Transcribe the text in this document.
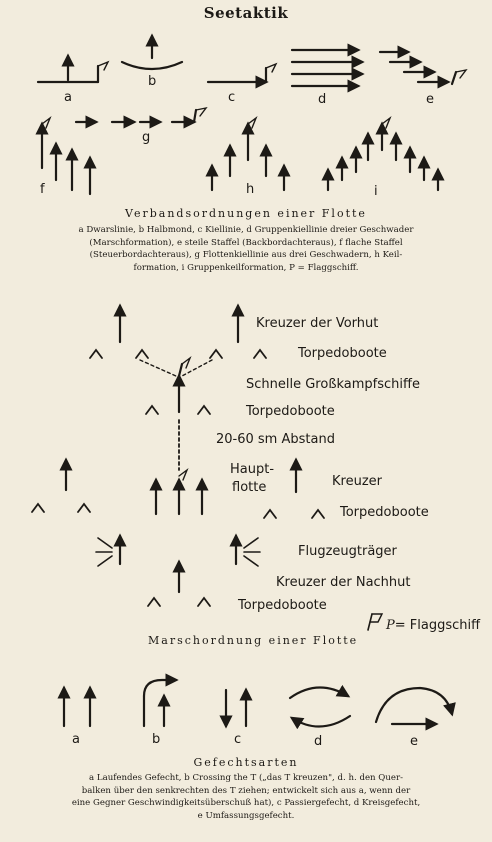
Seetaktik
a
b
c	d	e
f
g
h	i
Verbandsordnungen einer Flotte
a Dwarslinie, b Halbmond, c Kiellinie, d Gruppenkiellinie dreier Geschwader
(Marschformation), e steile Staffel (Backbordachteraus), f flache Staffel
(Steuerbordachteraus), g Flottenkiellinie aus drei Geschwadern, h Keil-
formation, i Gruppenkeilformation, P = Flaggschiff.
Kreuzer der Vorhut
Torpedoboote
Schnelle Großkampfschiffe
Torpedoboote
20-60 sm Abstand
Haupt-
flotte	Kreuzer
Torpedoboote
Flugzeugträger
Kreuzer der Nachhut
Torpedoboote
P= Flaggschiff
Marschordnung einer Flotte
a	b	c	d	e
Gefechtsarten
a Laufendes Gefecht, b Crossing the T („das T kreuzen", d. h. den Quer-
balken über den senkrechten des T ziehen; entwickelt sich aus a, wenn der
eine Gegner Geschwindigkeitsüberschuß hat), c Passiergefecht, d Kreisgefecht,
e Umfassungsgefecht.
